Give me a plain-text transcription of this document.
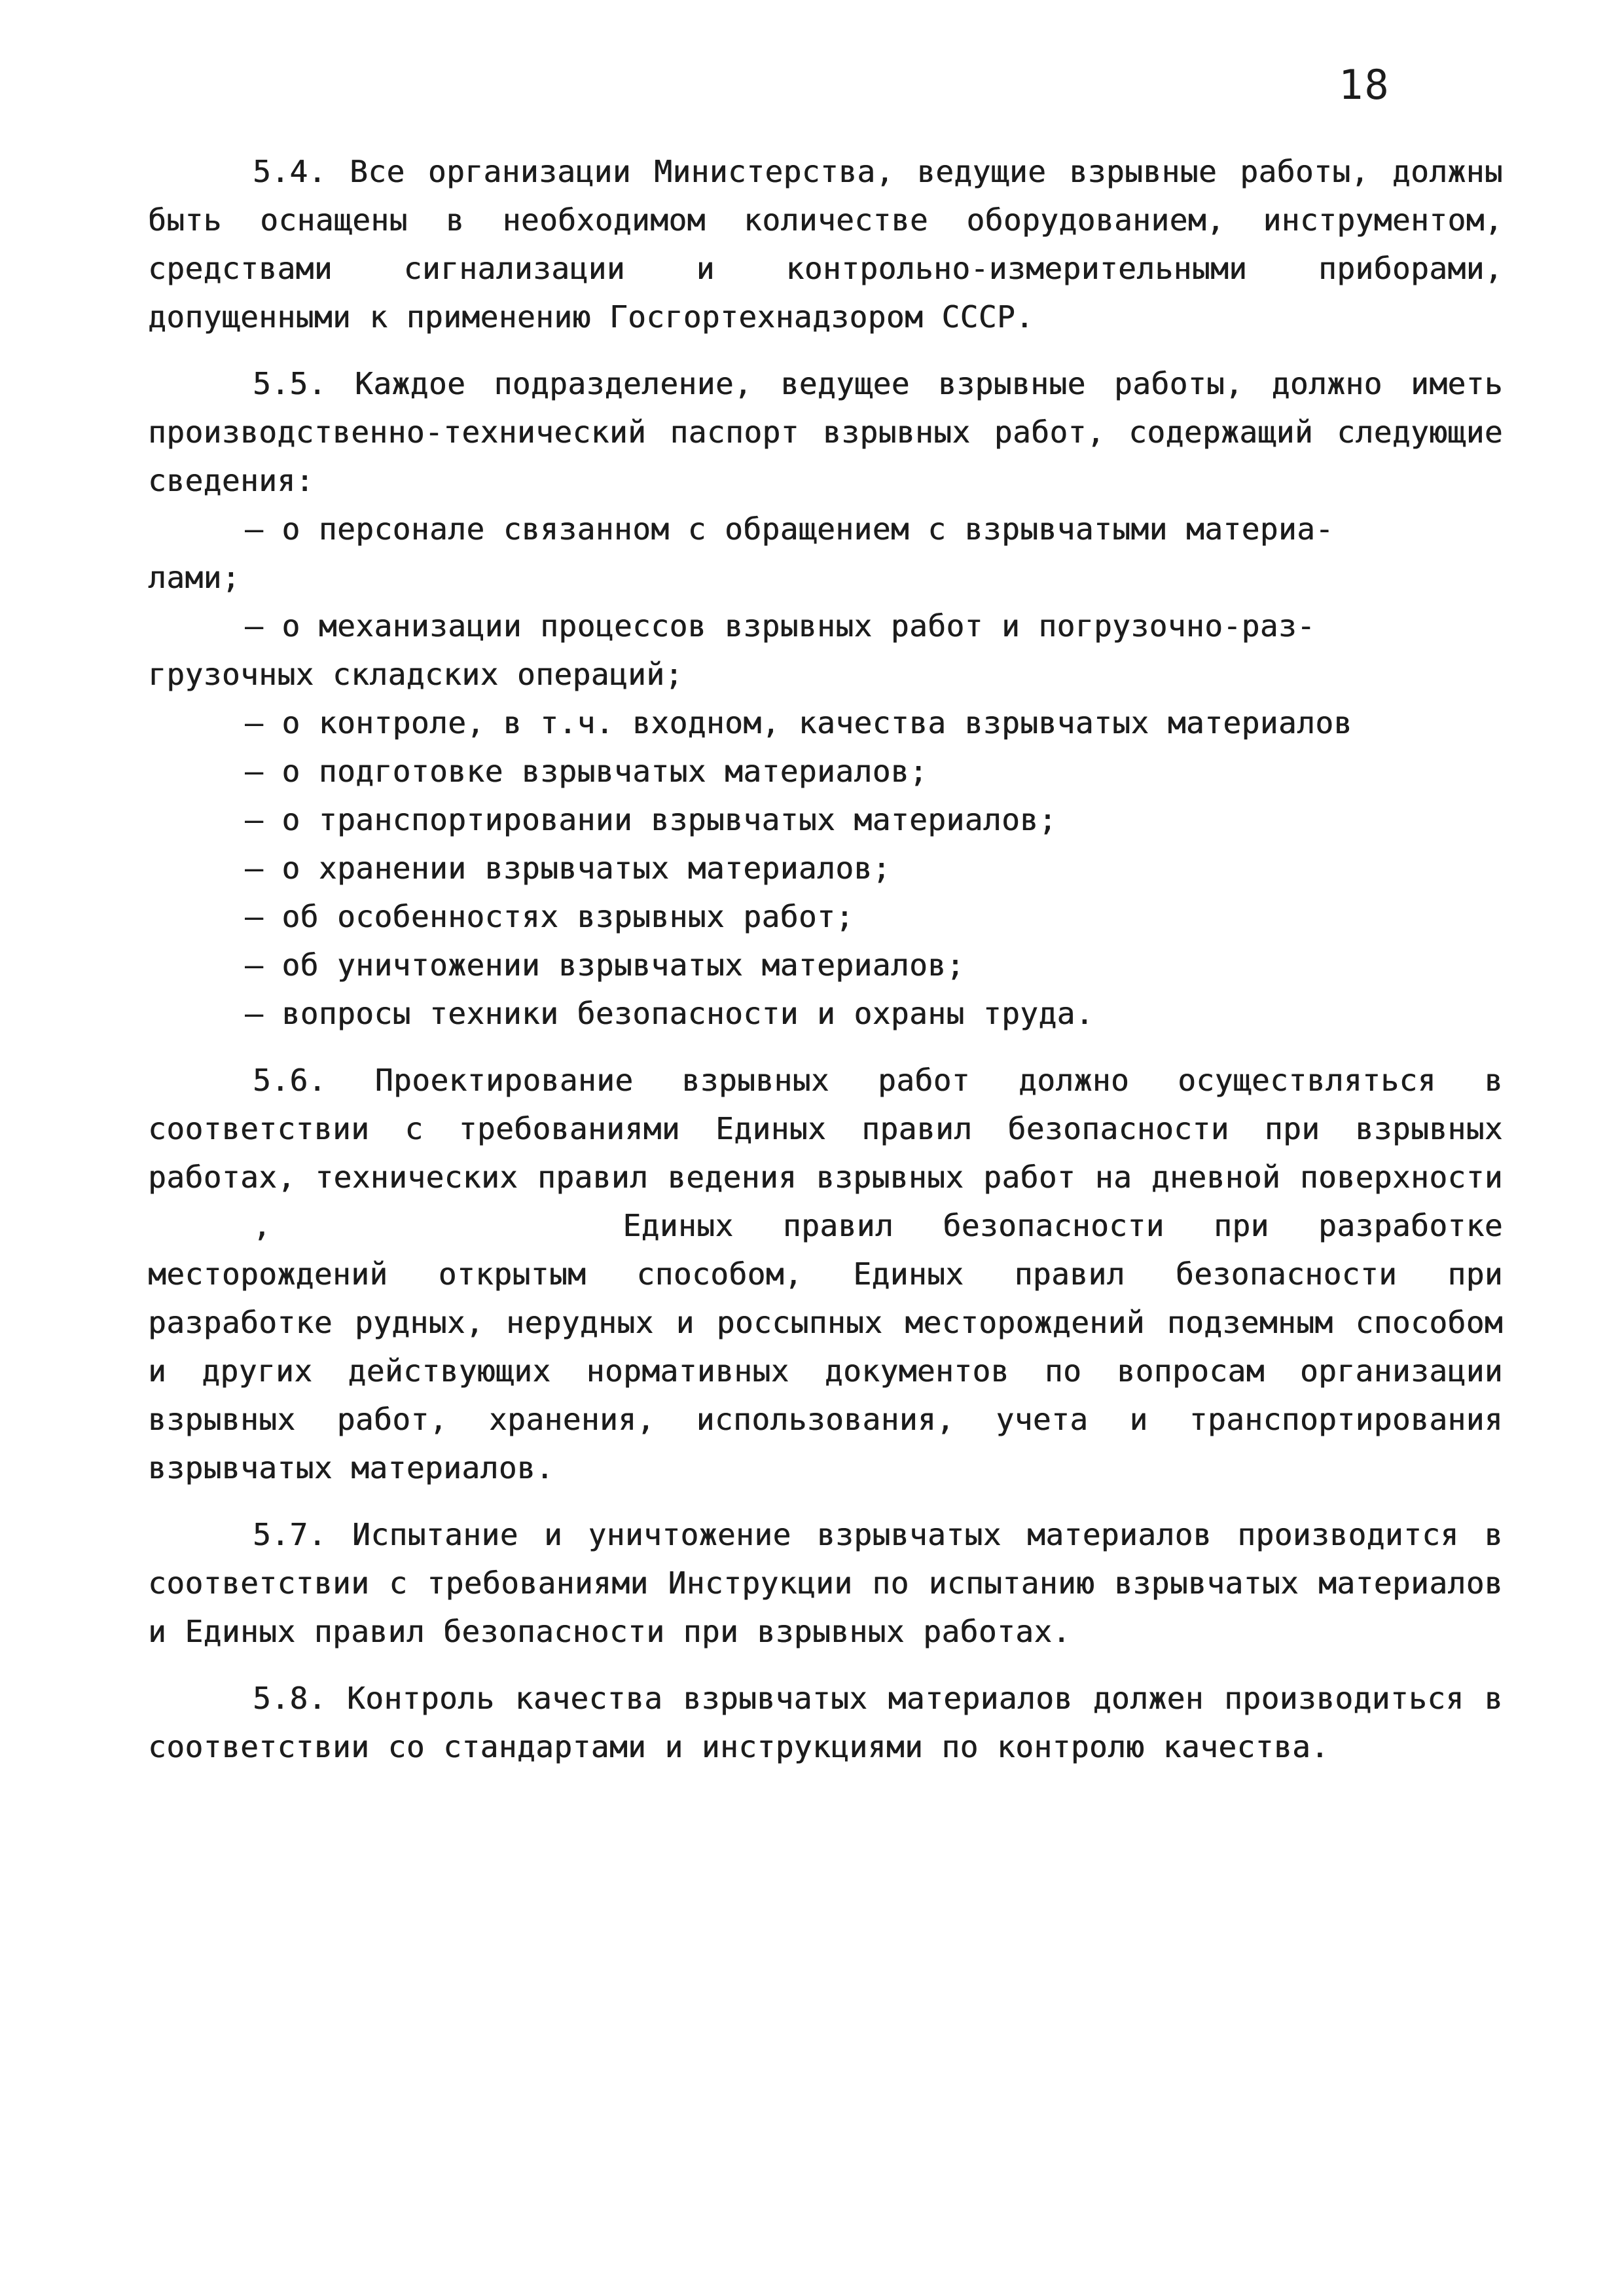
18

5.4. Все организации Министерства, ведущие взрывные работы, должны быть оснащены в необходимом количестве оборудованием, инструментом, средствами сигнализации и контрольно-измерительными приборами, допущенными к применению Госгортехнадзором СССР.

5.5. Каждое подразделение, ведущее взрывные работы, должно иметь производственно-технический паспорт взрывных работ, содержащий следующие сведения:

– о персонале связанном с обращением с взрывчатыми материа-
лами;
– о механизации процессов взрывных работ и погрузочно-раз-
грузочных складских операций;
– о контроле, в т.ч. входном, качества взрывчатых материалов
– о подготовке взрывчатых материалов;
– о транспортировании взрывчатых материалов;
– о хранении взрывчатых материалов;
– об особенностях взрывных работ;
– об уничтожении взрывчатых материалов;
– вопросы техники безопасности и охраны труда.

5.6. Проектирование взрывных работ должно осуществляться в соответствии с требованиями Единых правил безопасности при взрывных работах, технических правил ведения взрывных работ на дневной поверхности,	Единых правил безопасности при разработке месторождений открытым способом, Единых правил безопасности при разработке рудных, нерудных и россыпных месторождений подземным способом и других действующих нормативных документов по вопросам организации взрывных работ, хранения, использования, учета и транспортирования взрывчатых материалов.

5.7. Испытание и уничтожение взрывчатых материалов производится в соответствии с требованиями Инструкции по испытанию взрывчатых материалов и Единых правил безопасности при взрывных работах.

5.8. Контроль качества взрывчатых материалов должен производиться в соответствии со стандартами и инструкциями по контролю качества.
